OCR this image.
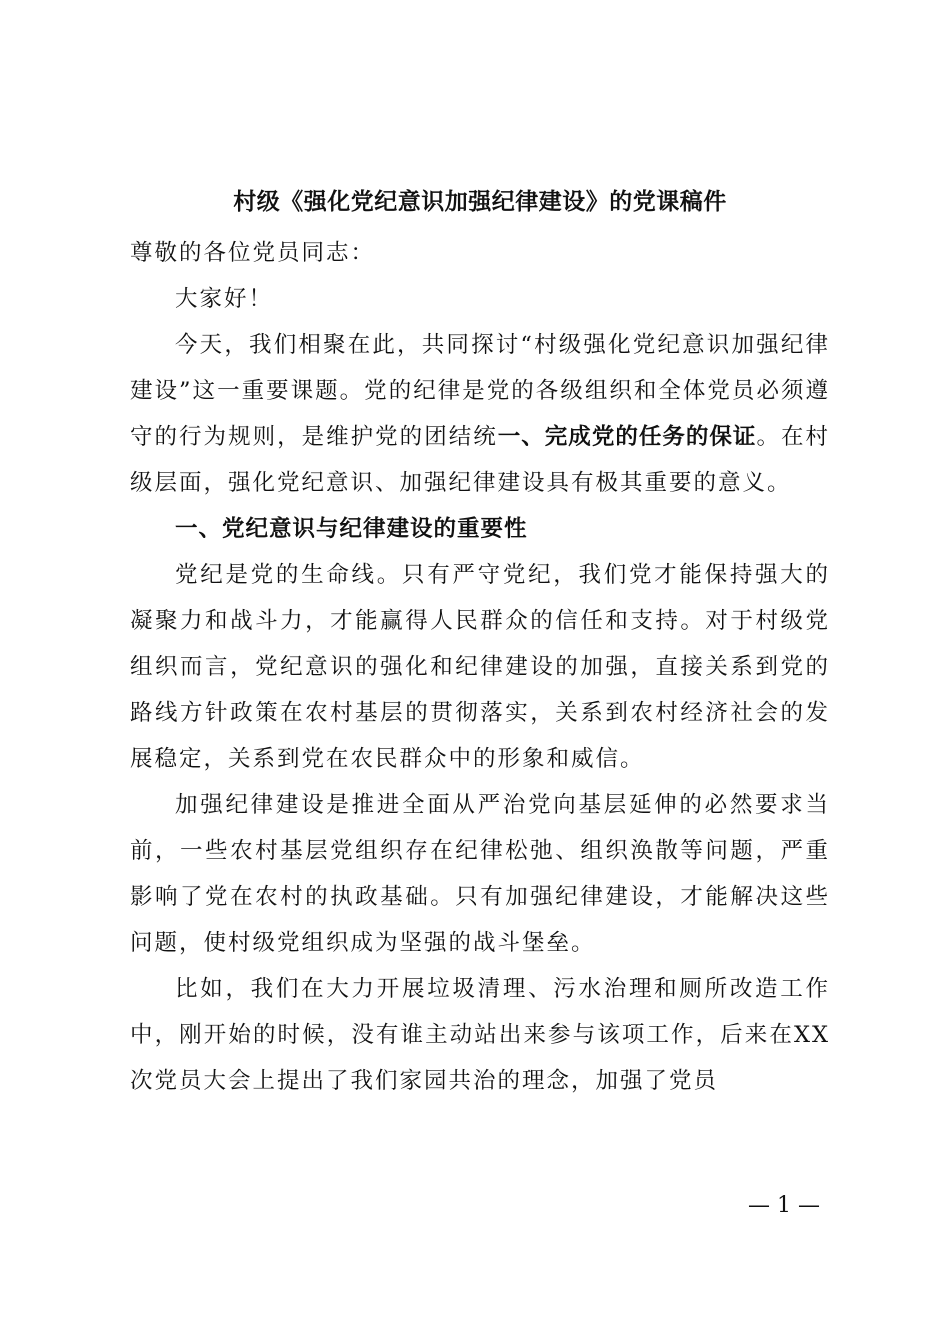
村级《强化党纪意识加强纪律建设》的党课稿件

尊敬的各位党员同志：

大家好！

今天，我们相聚在此，共同探讨“村级强化党纪意识加强纪律建设”这一重要课题。党的纪律是党的各级组织和全体党员必须遵守的行为规则，是维护党的团结统一、完成党的任务的保证。在村级层面，强化党纪意识、加强纪律建设具有极其重要的意义。

一、党纪意识与纪律建设的重要性

党纪是党的生命线。只有严守党纪，我们党才能保持强大的凝聚力和战斗力，才能赢得人民群众的信任和支持。对于村级党组织而言，党纪意识的强化和纪律建设的加强，直接关系到党的路线方针政策在农村基层的贯彻落实，关系到农村经济社会的发展稳定，关系到党在农民群众中的形象和威信。

加强纪律建设是推进全面从严治党向基层延伸的必然要求当前，一些农村基层党组织存在纪律松弛、组织涣散等问题，严重影响了党在农村的执政基础。只有加强纪律建设，才能解决这些问题，使村级党组织成为坚强的战斗堡垒。

比如，我们在大力开展垃圾清理、污水治理和厕所改造工作中，刚开始的时候，没有谁主动站出来参与该项工作，后来在XX次党员大会上提出了我们家园共治的理念，加强了党员

— 1 —
